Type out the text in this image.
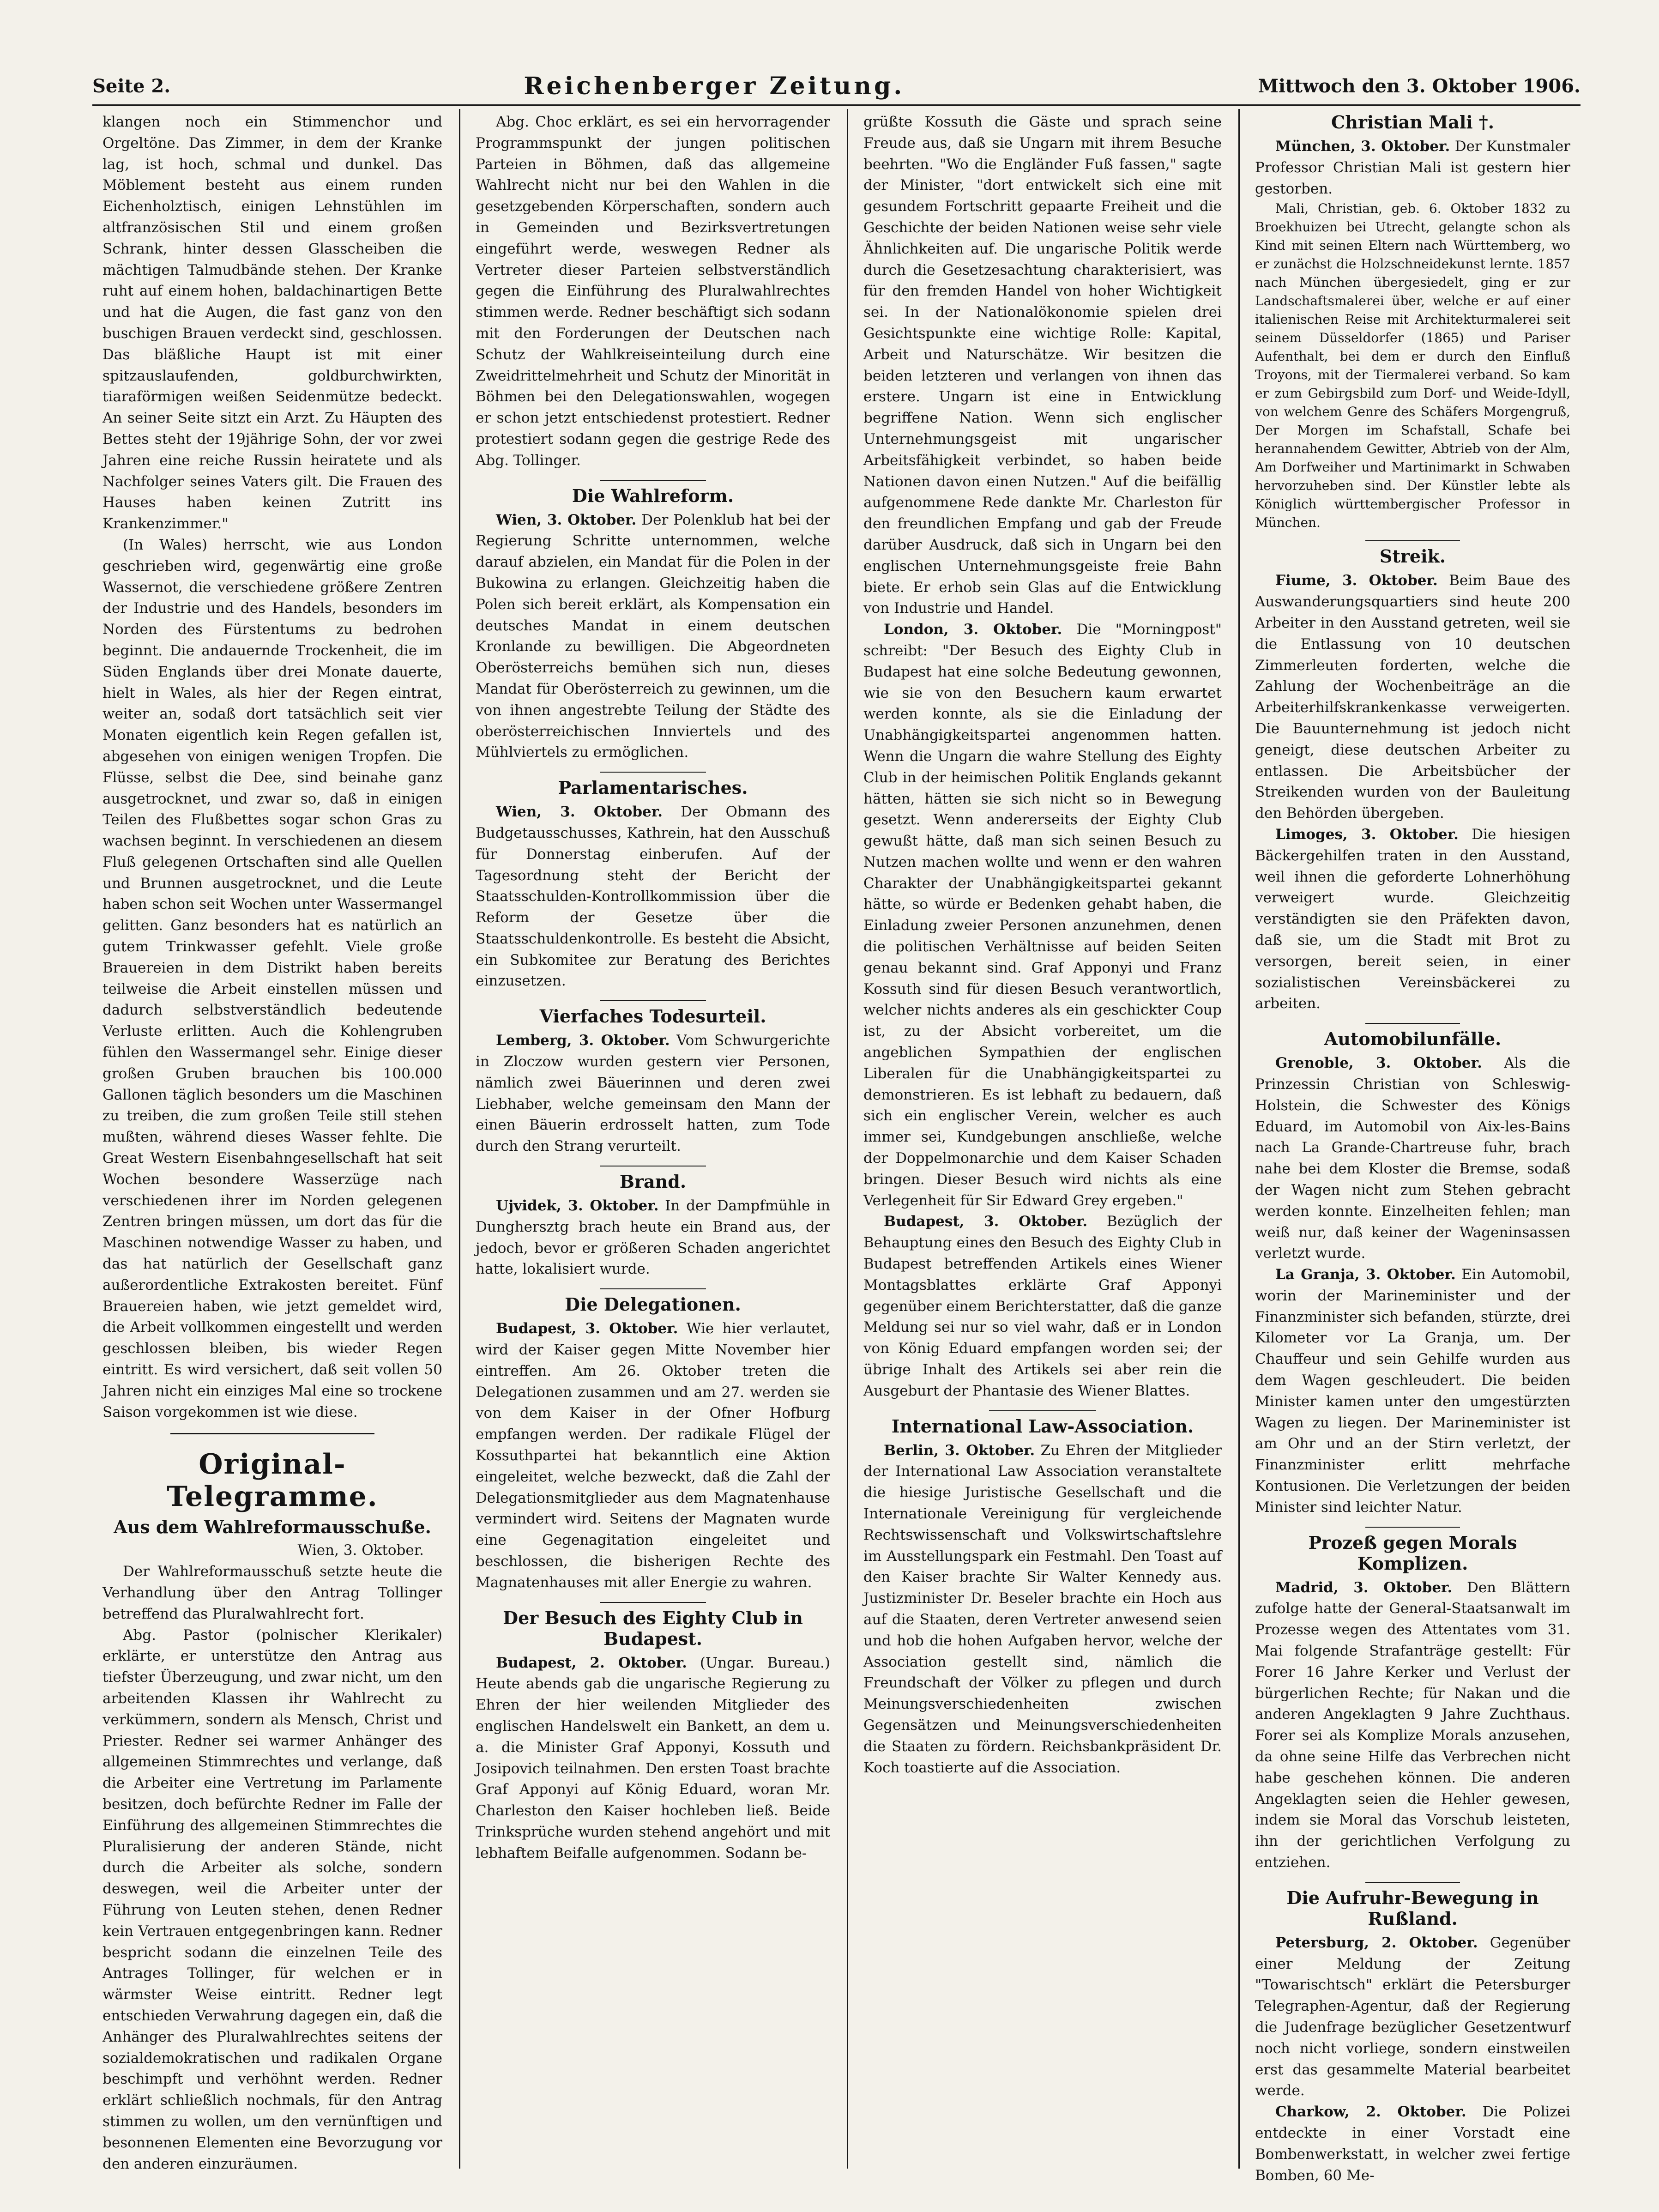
Seite 2.	Reichenberger Zeitung.	Mittwoch den 3. Oktober 1906.

klangen noch ein Stimmenchor und Orgeltöne. Das Zimmer, in dem der Kranke lag, ist hoch, schmal und dunkel. Das Möblement besteht aus einem runden Eichenholztisch, einigen Lehnstühlen im altfranzösischen Stil und einem großen Schrank, hinter dessen Glasscheiben die mächtigen Talmudbände stehen. Der Kranke ruht auf einem hohen, baldachinartigen Bette und hat die Augen, die fast ganz von den buschigen Brauen verdeckt sind, geschlossen. Das bläßliche Haupt ist mit einer spitzauslaufenden, goldburchwirkten, tiaraförmigen weißen Seidenmütze bedeckt. An seiner Seite sitzt ein Arzt. Zu Häupten des Bettes steht der 19jährige Sohn, der vor zwei Jahren eine reiche Russin heiratete und als Nachfolger seines Vaters gilt. Die Frauen des Hauses haben keinen Zutritt ins Krankenzimmer."

(In Wales) herrscht, wie aus London geschrieben wird, gegenwärtig eine große Wassernot, die verschiedene größere Zentren der Industrie und des Handels, besonders im Norden des Fürstentums zu bedrohen beginnt. Die andauernde Trockenheit, die im Süden Englands über drei Monate dauerte, hielt in Wales, als hier der Regen eintrat, weiter an, sodaß dort tatsächlich seit vier Monaten eigentlich kein Regen gefallen ist, abgesehen von einigen wenigen Tropfen. Die Flüsse, selbst die Dee, sind beinahe ganz ausgetrocknet, und zwar so, daß in einigen Teilen des Flußbettes sogar schon Gras zu wachsen beginnt. In verschiedenen an diesem Fluß gelegenen Ortschaften sind alle Quellen und Brunnen ausgetrocknet, und die Leute haben schon seit Wochen unter Wassermangel gelitten. Ganz besonders hat es natürlich an gutem Trinkwasser gefehlt. Viele große Brauereien in dem Distrikt haben bereits teilweise die Arbeit einstellen müssen und dadurch selbstverständlich bedeutende Verluste erlitten. Auch die Kohlengruben fühlen den Wassermangel sehr. Einige dieser großen Gruben brauchen bis 100.000 Gallonen täglich besonders um die Maschinen zu treiben, die zum großen Teile still stehen mußten, während dieses Wasser fehlte. Die Great Western Eisenbahngesellschaft hat seit Wochen besondere Wasserzüge nach verschiedenen ihrer im Norden gelegenen Zentren bringen müssen, um dort das für die Maschinen notwendige Wasser zu haben, und das hat natürlich der Gesellschaft ganz außerordentliche Extrakosten bereitet. Fünf Brauereien haben, wie jetzt gemeldet wird, die Arbeit vollkommen eingestellt und werden geschlossen bleiben, bis wieder Regen eintritt. Es wird versichert, daß seit vollen 50 Jahren nicht ein einziges Mal eine so trockene Saison vorgekommen ist wie diese.

Original-Telegramme.
Aus dem Wahlreformausschuße.

Wien, 3. Oktober.

Der Wahlreformausschuß setzte heute die Verhandlung über den Antrag Tollinger betreffend das Pluralwahlrecht fort.

Abg. Pastor (polnischer Klerikaler) erklärte, er unterstütze den Antrag aus tiefster Überzeugung, und zwar nicht, um den arbeitenden Klassen ihr Wahlrecht zu verkümmern, sondern als Mensch, Christ und Priester. Redner sei warmer Anhänger des allgemeinen Stimmrechtes und verlange, daß die Arbeiter eine Vertretung im Parlamente besitzen, doch befürchte Redner im Falle der Einführung des allgemeinen Stimmrechtes die Pluralisierung der anderen Stände, nicht durch die Arbeiter als solche, sondern deswegen, weil die Arbeiter unter der Führung von Leuten stehen, denen Redner kein Vertrauen entgegenbringen kann. Redner bespricht sodann die einzelnen Teile des Antrages Tollinger, für welchen er in wärmster Weise eintritt. Redner legt entschieden Verwahrung dagegen ein, daß die Anhänger des Pluralwahlrechtes seitens der sozialdemokratischen und radikalen Organe beschimpft und verhöhnt werden. Redner erklärt schließlich nochmals, für den Antrag stimmen zu wollen, um den vernünftigen und besonnenen Elementen eine Bevorzugung vor den anderen einzuräumen.

Abg. Choc erklärt, es sei ein hervorragender Programmspunkt der jungen politischen Parteien in Böhmen, daß das allgemeine Wahlrecht nicht nur bei den Wahlen in die gesetzgebenden Körperschaften, sondern auch in Gemeinden und Bezirksvertretungen eingeführt werde, weswegen Redner als Vertreter dieser Parteien selbstverständlich gegen die Einführung des Pluralwahlrechtes stimmen werde. Redner beschäftigt sich sodann mit den Forderungen der Deutschen nach Schutz der Wahlkreiseinteilung durch eine Zweidrittelmehrheit und Schutz der Minorität in Böhmen bei den Delegationswahlen, wogegen er schon jetzt entschiedenst protestiert. Redner protestiert sodann gegen die gestrige Rede des Abg. Tollinger.

Die Wahlreform.

Wien, 3. Oktober. Der Polenklub hat bei der Regierung Schritte unternommen, welche darauf abzielen, ein Mandat für die Polen in der Bukowina zu erlangen. Gleichzeitig haben die Polen sich bereit erklärt, als Kompensation ein deutsches Mandat in einem deutschen Kronlande zu bewilligen. Die Abgeordneten Oberösterreichs bemühen sich nun, dieses Mandat für Oberösterreich zu gewinnen, um die von ihnen angestrebte Teilung der Städte des oberösterreichischen Innviertels und des Mühlviertels zu ermöglichen.

Parlamentarisches.

Wien, 3. Oktober. Der Obmann des Budgetausschusses, Kathrein, hat den Ausschuß für Donnerstag einberufen. Auf der Tagesordnung steht der Bericht der Staatsschulden-Kontrollkommission über die Reform der Gesetze über die Staatsschuldenkontrolle. Es besteht die Absicht, ein Subkomitee zur Beratung des Berichtes einzusetzen.

Vierfaches Todesurteil.

Lemberg, 3. Oktober. Vom Schwurgerichte in Zloczow wurden gestern vier Personen, nämlich zwei Bäuerinnen und deren zwei Liebhaber, welche gemeinsam den Mann der einen Bäuerin erdrosselt hatten, zum Tode durch den Strang verurteilt.

Brand.

Ujvidek, 3. Oktober. In der Dampfmühle in Dunghersztg brach heute ein Brand aus, der jedoch, bevor er größeren Schaden angerichtet hatte, lokalisiert wurde.

Die Delegationen.

Budapest, 3. Oktober. Wie hier verlautet, wird der Kaiser gegen Mitte November hier eintreffen. Am 26. Oktober treten die Delegationen zusammen und am 27. werden sie von dem Kaiser in der Ofner Hofburg empfangen werden. Der radikale Flügel der Kossuthpartei hat bekanntlich eine Aktion eingeleitet, welche bezweckt, daß die Zahl der Delegationsmitglieder aus dem Magnatenhause vermindert wird. Seitens der Magnaten wurde eine Gegenagitation eingeleitet und beschlossen, die bisherigen Rechte des Magnatenhauses mit aller Energie zu wahren.

Der Besuch des Eighty Club in Budapest.

Budapest, 2. Oktober. (Ungar. Bureau.) Heute abends gab die ungarische Regierung zu Ehren der hier weilenden Mitglieder des englischen Handelswelt ein Bankett, an dem u. a. die Minister Graf Apponyi, Kossuth und Josipovich teilnahmen. Den ersten Toast brachte Graf Apponyi auf König Eduard, woran Mr. Charleston den Kaiser hochleben ließ. Beide Trinksprüche wurden stehend angehört und mit lebhaftem Beifalle aufgenommen. Sodann be-

grüßte Kossuth die Gäste und sprach seine Freude aus, daß sie Ungarn mit ihrem Besuche beehrten. "Wo die Engländer Fuß fassen," sagte der Minister, "dort entwickelt sich eine mit gesundem Fortschritt gepaarte Freiheit und die Geschichte der beiden Nationen weise sehr viele Ähnlichkeiten auf. Die ungarische Politik werde durch die Gesetzesachtung charakterisiert, was für den fremden Handel von hoher Wichtigkeit sei. In der Nationalökonomie spielen drei Gesichtspunkte eine wichtige Rolle: Kapital, Arbeit und Naturschätze. Wir besitzen die beiden letzteren und verlangen von ihnen das erstere. Ungarn ist eine in Entwicklung begriffene Nation. Wenn sich englischer Unternehmungsgeist mit ungarischer Arbeitsfähigkeit verbindet, so haben beide Nationen davon einen Nutzen." Auf die beifällig aufgenommene Rede dankte Mr. Charleston für den freundlichen Empfang und gab der Freude darüber Ausdruck, daß sich in Ungarn bei den englischen Unternehmungsgeiste freie Bahn biete. Er erhob sein Glas auf die Entwicklung von Industrie und Handel.

London, 3. Oktober. Die "Morningpost" schreibt: "Der Besuch des Eighty Club in Budapest hat eine solche Bedeutung gewonnen, wie sie von den Besuchern kaum erwartet werden konnte, als sie die Einladung der Unabhängigkeitspartei angenommen hatten. Wenn die Ungarn die wahre Stellung des Eighty Club in der heimischen Politik Englands gekannt hätten, hätten sie sich nicht so in Bewegung gesetzt. Wenn andererseits der Eighty Club gewußt hätte, daß man sich seinen Besuch zu Nutzen machen wollte und wenn er den wahren Charakter der Unabhängigkeitspartei gekannt hätte, so würde er Bedenken gehabt haben, die Einladung zweier Personen anzunehmen, denen die politischen Verhältnisse auf beiden Seiten genau bekannt sind. Graf Apponyi und Franz Kossuth sind für diesen Besuch verantwortlich, welcher nichts anderes als ein geschickter Coup ist, zu der Absicht vorbereitet, um die angeblichen Sympathien der englischen Liberalen für die Unabhängigkeitspartei zu demonstrieren. Es ist lebhaft zu bedauern, daß sich ein englischer Verein, welcher es auch immer sei, Kundgebungen anschließe, welche der Doppelmonarchie und dem Kaiser Schaden bringen. Dieser Besuch wird nichts als eine Verlegenheit für Sir Edward Grey ergeben."

Budapest, 3. Oktober. Bezüglich der Behauptung eines den Besuch des Eighty Club in Budapest betreffenden Artikels eines Wiener Montagsblattes erklärte Graf Apponyi gegenüber einem Berichterstatter, daß die ganze Meldung sei nur so viel wahr, daß er in London von König Eduard empfangen worden sei; der übrige Inhalt des Artikels sei aber rein die Ausgeburt der Phantasie des Wiener Blattes.

International Law-Association.

Berlin, 3. Oktober. Zu Ehren der Mitglieder der International Law Association veranstaltete die hiesige Juristische Gesellschaft und die Internationale Vereinigung für vergleichende Rechtswissenschaft und Volkswirtschaftslehre im Ausstellungspark ein Festmahl. Den Toast auf den Kaiser brachte Sir Walter Kennedy aus. Justizminister Dr. Beseler brachte ein Hoch aus auf die Staaten, deren Vertreter anwesend seien und hob die hohen Aufgaben hervor, welche der Association gestellt sind, nämlich die Freundschaft der Völker zu pflegen und durch Meinungsverschiedenheiten zwischen Gegensätzen und Meinungsverschiedenheiten die Staaten zu fördern. Reichsbankpräsident Dr. Koch toastierte auf die Association.

Christian Mali †.

München, 3. Oktober. Der Kunstmaler Professor Christian Mali ist gestern hier gestorben.

Mali, Christian, geb. 6. Oktober 1832 zu Broekhuizen bei Utrecht, gelangte schon als Kind mit seinen Eltern nach Württemberg, wo er zunächst die Holzschneidekunst lernte. 1857 nach München übergesiedelt, ging er zur Landschaftsmalerei über, welche er auf einer italienischen Reise mit Architekturmalerei seit seinem Düsseldorfer (1865) und Pariser Aufenthalt, bei dem er durch den Einfluß Troyons, mit der Tiermalerei verband. So kam er zum Gebirgsbild zum Dorf- und Weide-Idyll, von welchem Genre des Schäfers Morgengruß, Der Morgen im Schafstall, Schafe bei herannahendem Gewitter, Abtrieb von der Alm, Am Dorfweiher und Martinimarkt in Schwaben hervorzuheben sind. Der Künstler lebte als Königlich württembergischer Professor in München.

Streik.

Fiume, 3. Oktober. Beim Baue des Auswanderungsquartiers sind heute 200 Arbeiter in den Ausstand getreten, weil sie die Entlassung von 10 deutschen Zimmerleuten forderten, welche die Zahlung der Wochenbeiträge an die Arbeiterhilfskrankenkasse verweigerten. Die Bauunternehmung ist jedoch nicht geneigt, diese deutschen Arbeiter zu entlassen. Die Arbeitsbücher der Streikenden wurden von der Bauleitung den Behörden übergeben.

Limoges, 3. Oktober. Die hiesigen Bäckergehilfen traten in den Ausstand, weil ihnen die geforderte Lohnerhöhung verweigert wurde. Gleichzeitig verständigten sie den Präfekten davon, daß sie, um die Stadt mit Brot zu versorgen, bereit seien, in einer sozialistischen Vereinsbäckerei zu arbeiten.

Automobilunfälle.

Grenoble, 3. Oktober. Als die Prinzessin Christian von Schleswig-Holstein, die Schwester des Königs Eduard, im Automobil von Aix-les-Bains nach La Grande-Chartreuse fuhr, brach nahe bei dem Kloster die Bremse, sodaß der Wagen nicht zum Stehen gebracht werden konnte. Einzelheiten fehlen; man weiß nur, daß keiner der Wageninsassen verletzt wurde.

La Granja, 3. Oktober. Ein Automobil, worin der Marineminister und der Finanzminister sich befanden, stürzte, drei Kilometer vor La Granja, um. Der Chauffeur und sein Gehilfe wurden aus dem Wagen geschleudert. Die beiden Minister kamen unter den umgestürzten Wagen zu liegen. Der Marineminister ist am Ohr und an der Stirn verletzt, der Finanzminister erlitt mehrfache Kontusionen. Die Verletzungen der beiden Minister sind leichter Natur.

Prozeß gegen Morals Komplizen.

Madrid, 3. Oktober. Den Blättern zufolge hatte der General-Staatsanwalt im Prozesse wegen des Attentates vom 31. Mai folgende Strafanträge gestellt: Für Forer 16 Jahre Kerker und Verlust der bürgerlichen Rechte; für Nakan und die anderen Angeklagten 9 Jahre Zuchthaus. Forer sei als Komplize Morals anzusehen, da ohne seine Hilfe das Verbrechen nicht habe geschehen können. Die anderen Angeklagten seien die Hehler gewesen, indem sie Moral das Vorschub leisteten, ihn der gerichtlichen Verfolgung zu entziehen.

Die Aufruhr-Bewegung in Rußland.

Petersburg, 2. Oktober. Gegenüber einer Meldung der Zeitung "Towarischtsch" erklärt die Petersburger Telegraphen-Agentur, daß der Regierung die Judenfrage bezüglicher Gesetzentwurf noch nicht vorliege, sondern einstweilen erst das gesammelte Material bearbeitet werde.

Charkow, 2. Oktober. Die Polizei entdeckte in einer Vorstadt eine Bombenwerkstatt, in welcher zwei fertige Bomben, 60 Me-
